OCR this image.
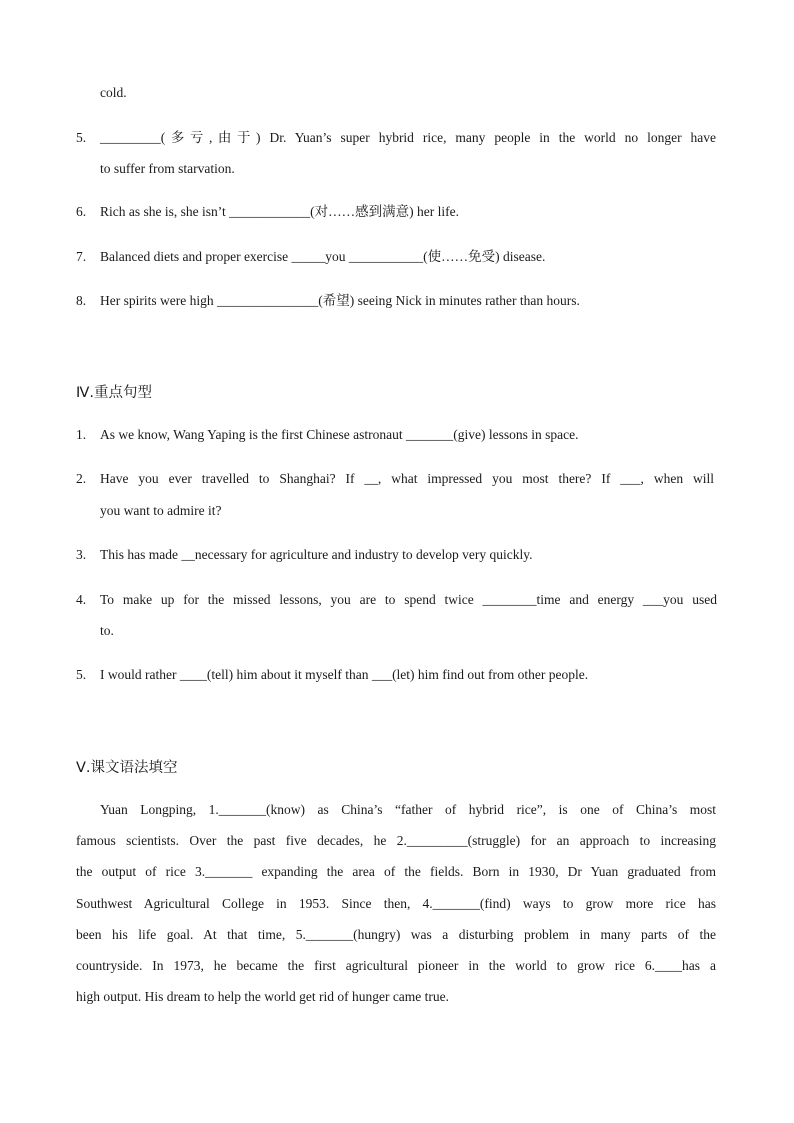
cold.
5. _________(多亏,由于) Dr. Yuan’s super hybrid rice, many people in the world no longer have
to suffer from starvation.
6. Rich as she is, she isn’t ____________(对……感到满意) her life.
7. Balanced diets and proper exercise _____you ___________(使……免受) disease.
8. Her spirits were high _______________(希望) seeing Nick in minutes rather than hours.
Ⅳ.重点句型
1. As we know, Wang Yaping is the first Chinese astronaut _______(give) lessons in space.
2. Have you ever travelled to Shanghai? If __, what impressed you most there? If ___, when will
you want to admire it?
3. This has made __necessary for agriculture and industry to develop very quickly.
4. To make up for the missed lessons, you are to spend twice ________time and energy ___you used
to.
5. I would rather ____(tell) him about it myself than ___(let) him find out from other people.
Ⅴ.课文语法填空
Yuan Longping, 1._______(know) as China’s “father of hybrid rice”, is one of China’s most
famous scientists. Over the past five decades, he 2._________(struggle) for an approach to increasing
the output of rice 3._______ expanding the area of the fields. Born in 1930, Dr Yuan graduated from
Southwest Agricultural College in 1953. Since then, 4._______(find) ways to grow more rice has
been his life goal. At that time, 5._______(hungry) was a disturbing problem in many parts of the
countryside. In 1973, he became the first agricultural pioneer in the world to grow rice 6.____has a
high output. His dream to help the world get rid of hunger came true.
